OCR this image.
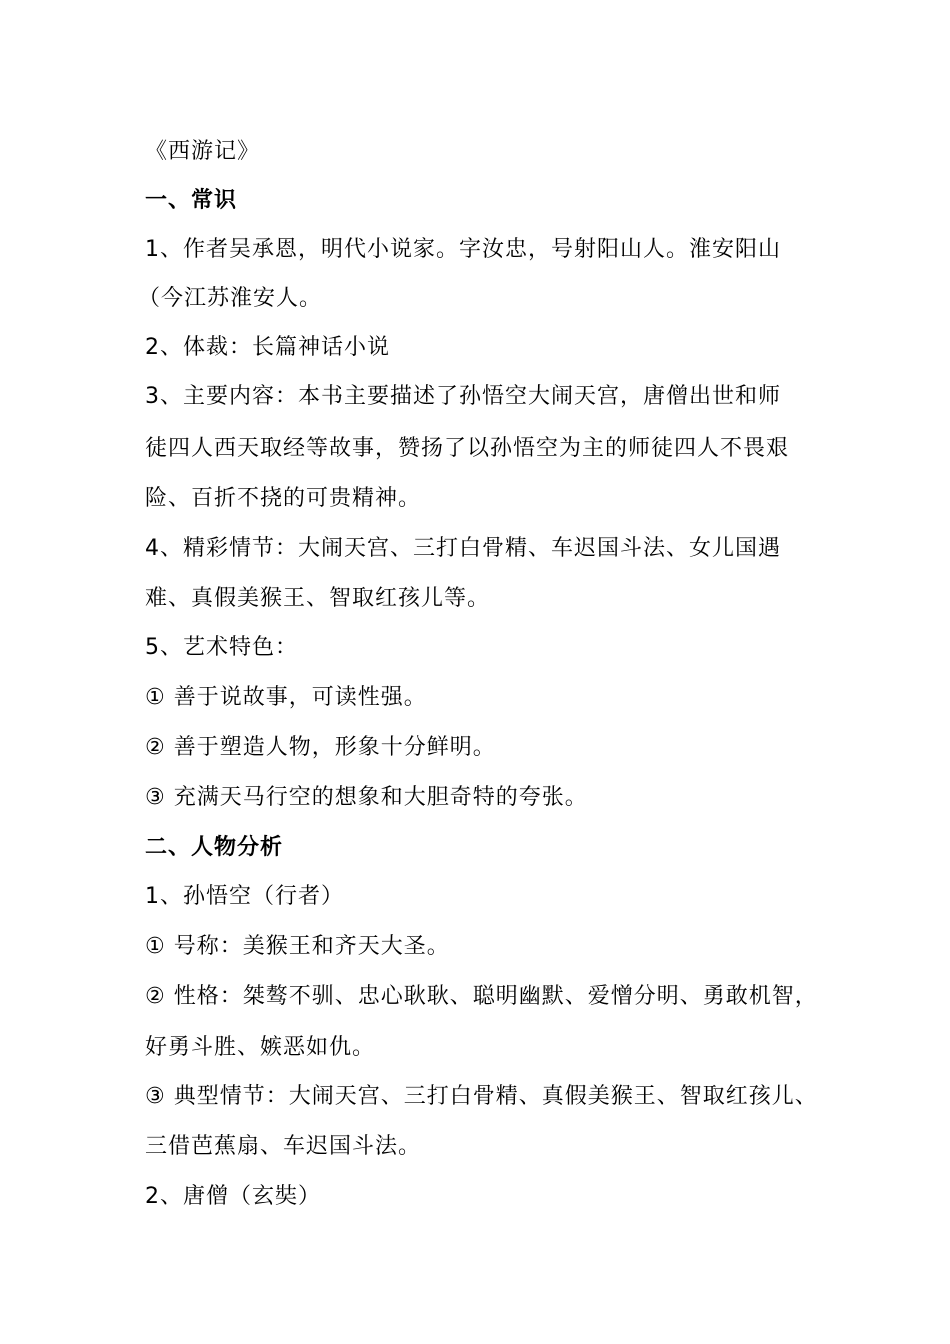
《西游记》
一、常识
1、作者吴承恩，明代小说家。字汝忠，号射阳山人。淮安阳山
（今江苏淮安人。
2、体裁：长篇神话小说
3、主要内容：本书主要描述了孙悟空大闹天宫，唐僧出世和师
徒四人西天取经等故事，赞扬了以孙悟空为主的师徒四人不畏艰
险、百折不挠的可贵精神。
4、精彩情节：大闹天宫、三打白骨精、车迟国斗法、女儿国遇
难、真假美猴王、智取红孩儿等。
5、艺术特色：
① 善于说故事，可读性强。
② 善于塑造人物，形象十分鲜明。
③ 充满天马行空的想象和大胆奇特的夸张。
二、人物分析
1、孙悟空（行者）
① 号称：美猴王和齐天大圣。
② 性格：桀骜不驯、忠心耿耿、聪明幽默、爱憎分明、勇敢机智，
好勇斗胜、嫉恶如仇。
③ 典型情节：大闹天宫、三打白骨精、真假美猴王、智取红孩儿、
三借芭蕉扇、车迟国斗法。
2、唐僧（玄奘）
